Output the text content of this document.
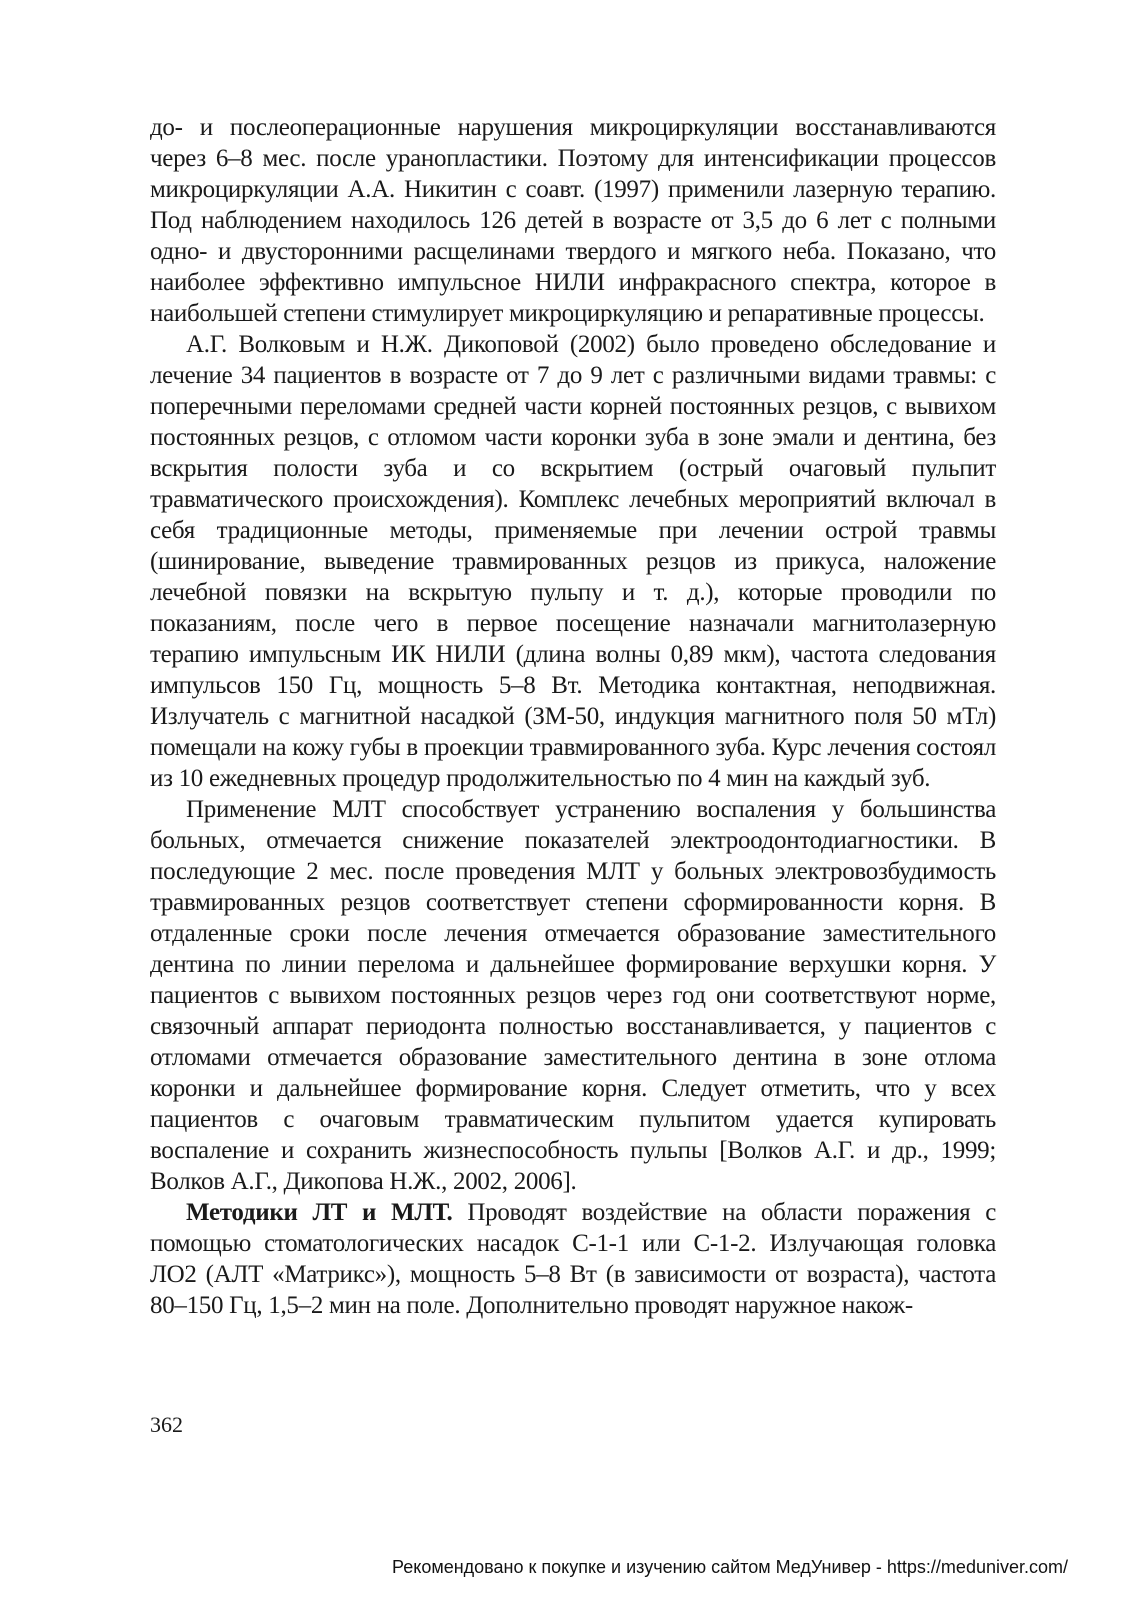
до- и послеоперационные нарушения микроциркуляции восстанавливаются через 6–8 мес. после уранопластики. Поэтому для интенсификации процессов микроциркуляции А.А. Никитин с соавт. (1997) применили лазерную терапию. Под наблюдением находилось 126 детей в возрасте от 3,5 до 6 лет с полными одно- и двусторонними расщелинами твердого и мягкого неба. Показано, что наиболее эффективно импульсное НИЛИ инфракрасного спектра, которое в наибольшей степени стимулирует микроциркуляцию и репаративные процессы.

А.Г. Волковым и Н.Ж. Дикоповой (2002) было проведено обследование и лечение 34 пациентов в возрасте от 7 до 9 лет с различными видами травмы: с поперечными переломами средней части корней постоянных резцов, с вывихом постоянных резцов, с отломом части коронки зуба в зоне эмали и дентина, без вскрытия полости зуба и со вскрытием (острый очаговый пульпит травматического происхождения). Комплекс лечебных мероприятий включал в себя традиционные методы, применяемые при лечении острой травмы (шинирование, выведение травмированных резцов из прикуса, наложение лечебной повязки на вскрытую пульпу и т. д.), которые проводили по показаниям, после чего в первое посещение назначали магнитолазерную терапию импульсным ИК НИЛИ (длина волны 0,89 мкм), частота следования импульсов 150 Гц, мощность 5–8 Вт. Методика контактная, неподвижная. Излучатель с магнитной насадкой (ЗМ-50, индукция магнитного поля 50 мТл) помещали на кожу губы в проекции травмированного зуба. Курс лечения состоял из 10 ежедневных процедур продолжительностью по 4 мин на каждый зуб.

Применение МЛТ способствует устранению воспаления у большинства больных, отмечается снижение показателей электроодонтодиагностики. В последующие 2 мес. после проведения МЛТ у больных электровозбудимость травмированных резцов соответствует степени сформированности корня. В отдаленные сроки после лечения отмечается образование заместительного дентина по линии перелома и дальнейшее формирование верхушки корня. У пациентов с вывихом постоянных резцов через год они соответствуют норме, связочный аппарат периодонта полностью восстанавливается, у пациентов с отломами отмечается образование заместительного дентина в зоне отлома коронки и дальнейшее формирование корня. Следует отметить, что у всех пациентов с очаговым травматическим пульпитом удается купировать воспаление и сохранить жизнеспособность пульпы [Волков А.Г. и др., 1999; Волков А.Г., Дикопова Н.Ж., 2002, 2006].

Методики ЛТ и МЛТ. Проводят воздействие на области поражения с помощью стоматологических насадок С-1-1 или С-1-2. Излучающая головка ЛО2 (АЛТ «Матрикс»), мощность 5–8 Вт (в зависимости от возраста), частота 80–150 Гц, 1,5–2 мин на поле. Дополнительно проводят наружное накож-

362
Рекомендовано к покупке и изучению сайтом МедУнивер - https://meduniver.com/
